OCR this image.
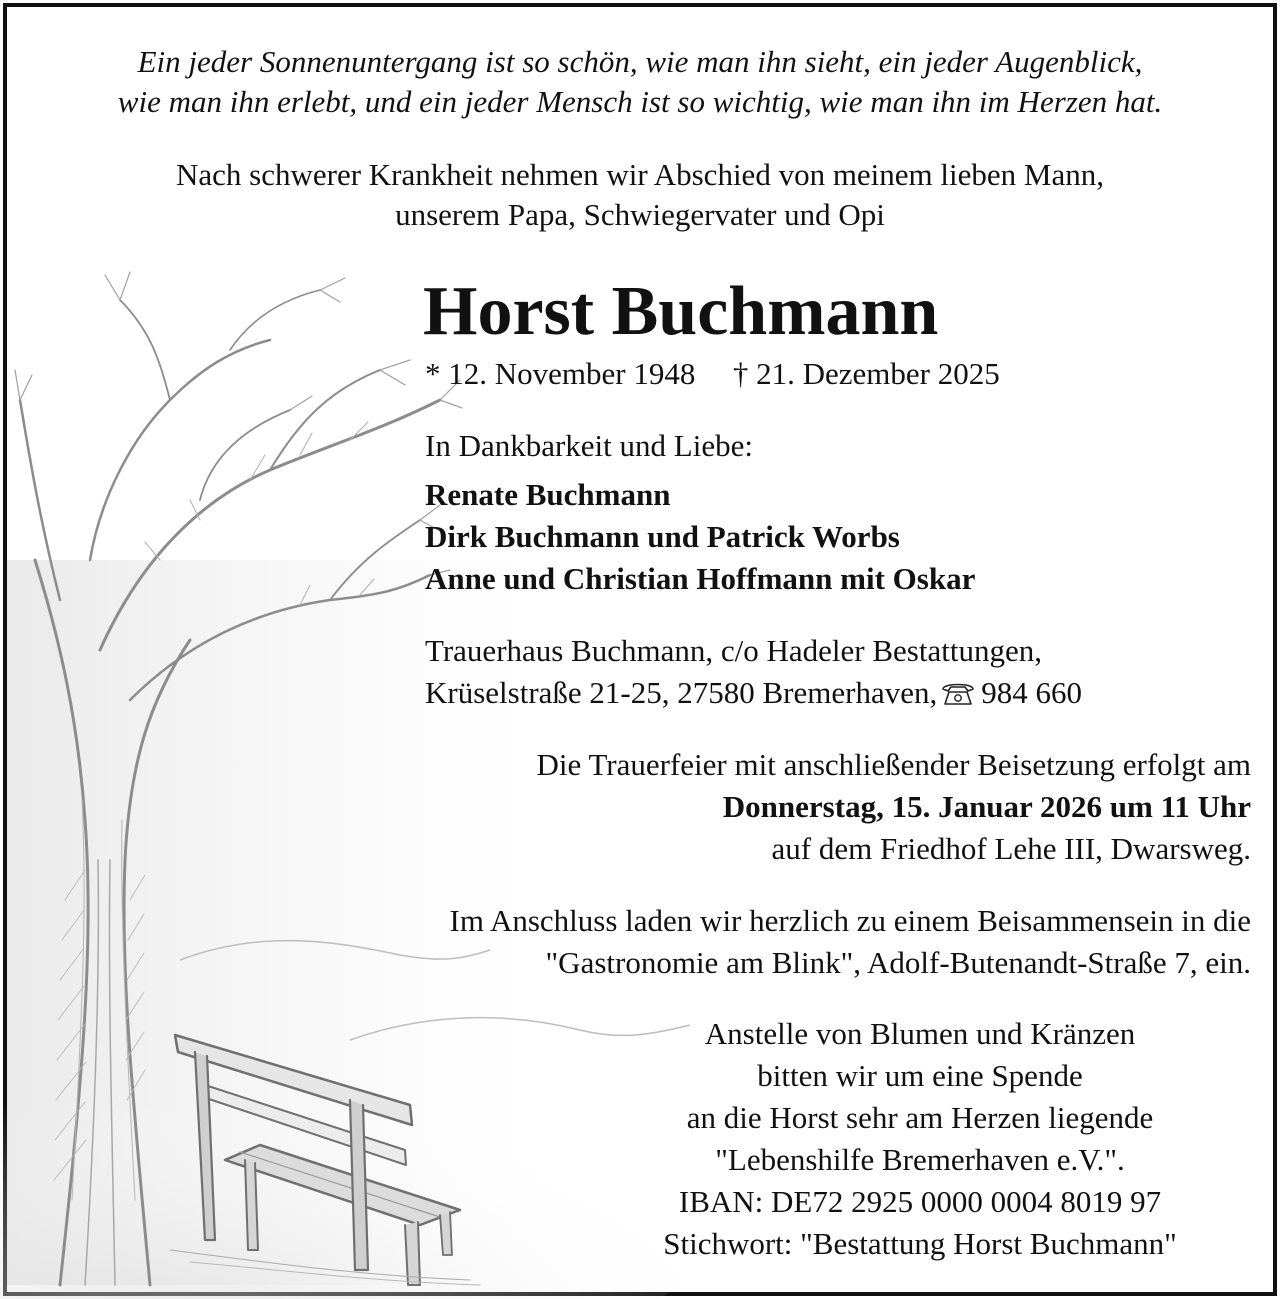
Ein jeder Sonnenuntergang ist so schön, wie man ihn sieht, ein jeder Augenblick,
wie man ihn erlebt, und ein jeder Mensch ist so wichtig, wie man ihn im Herzen hat.
Nach schwerer Krankheit nehmen wir Abschied von meinem lieben Mann,
unserem Papa, Schwiegervater und Opi
Horst Buchmann
* 12. November 1948 † 21. Dezember 2025
In Dankbarkeit und Liebe:
Renate Buchmann
Dirk Buchmann und Patrick Worbs
Anne und Christian Hoffmann mit Oskar
Trauerhaus Buchmann, c/o Hadeler Bestattungen,
Krüselstraße 21-25, 27580 Bremerhaven, 984 660
Die Trauerfeier mit anschließender Beisetzung erfolgt am
Donnerstag, 15. Januar 2026 um 11 Uhr
auf dem Friedhof Lehe III, Dwarsweg.
Im Anschluss laden wir herzlich zu einem Beisammensein in die
"Gastronomie am Blink", Adolf-Butenandt-Straße 7, ein.
Anstelle von Blumen und Kränzen
bitten wir um eine Spende
an die Horst sehr am Herzen liegende
"Lebenshilfe Bremerhaven e.V.".
IBAN: DE72 2925 0000 0004 8019 97
Stichwort: "Bestattung Horst Buchmann"
